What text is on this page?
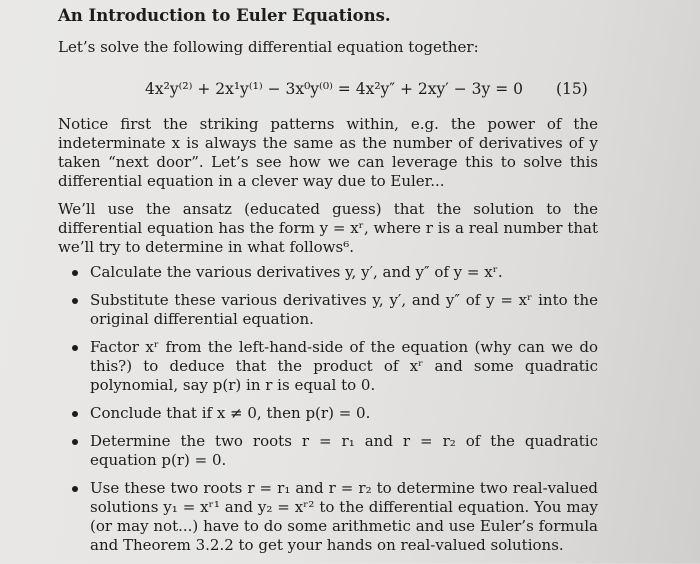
An Introduction to Euler Equations.
Let’s solve the following differential equation together:
4x²y⁽²⁾ + 2x¹y⁽¹⁾ − 3x⁰y⁽⁰⁾ = 4x²y″ + 2xy′ − 3y = 0 (15)
Notice first the striking patterns within, e.g. the power of the indeterminate x is always the same as the number of derivatives of y taken “next door”. Let’s see how we can leverage this to solve this differential equation in a clever way due to Euler...
We’ll use the ansatz (educated guess) that the solution to the differential equation has the form y = xʳ, where r is a real number that we’ll try to determine in what follows⁶.
Calculate the various derivatives y, y′, and y″ of y = xʳ.
Substitute these various derivatives y, y′, and y″ of y = xʳ into the original differential equation.
Factor xʳ from the left-hand-side of the equation (why can we do this?) to deduce that the product of xʳ and some quadratic polynomial, say p(r) in r is equal to 0.
Conclude that if x ≠ 0, then p(r) = 0.
Determine the two roots r = r₁ and r = r₂ of the quadratic equation p(r) = 0.
Use these two roots r = r₁ and r = r₂ to determine two real-valued solutions y₁ = xʳ¹ and y₂ = xʳ² to the differential equation. You may (or may not...) have to do some arithmetic and use Euler’s formula and Theorem 3.2.2 to get your hands on real-valued solutions.
